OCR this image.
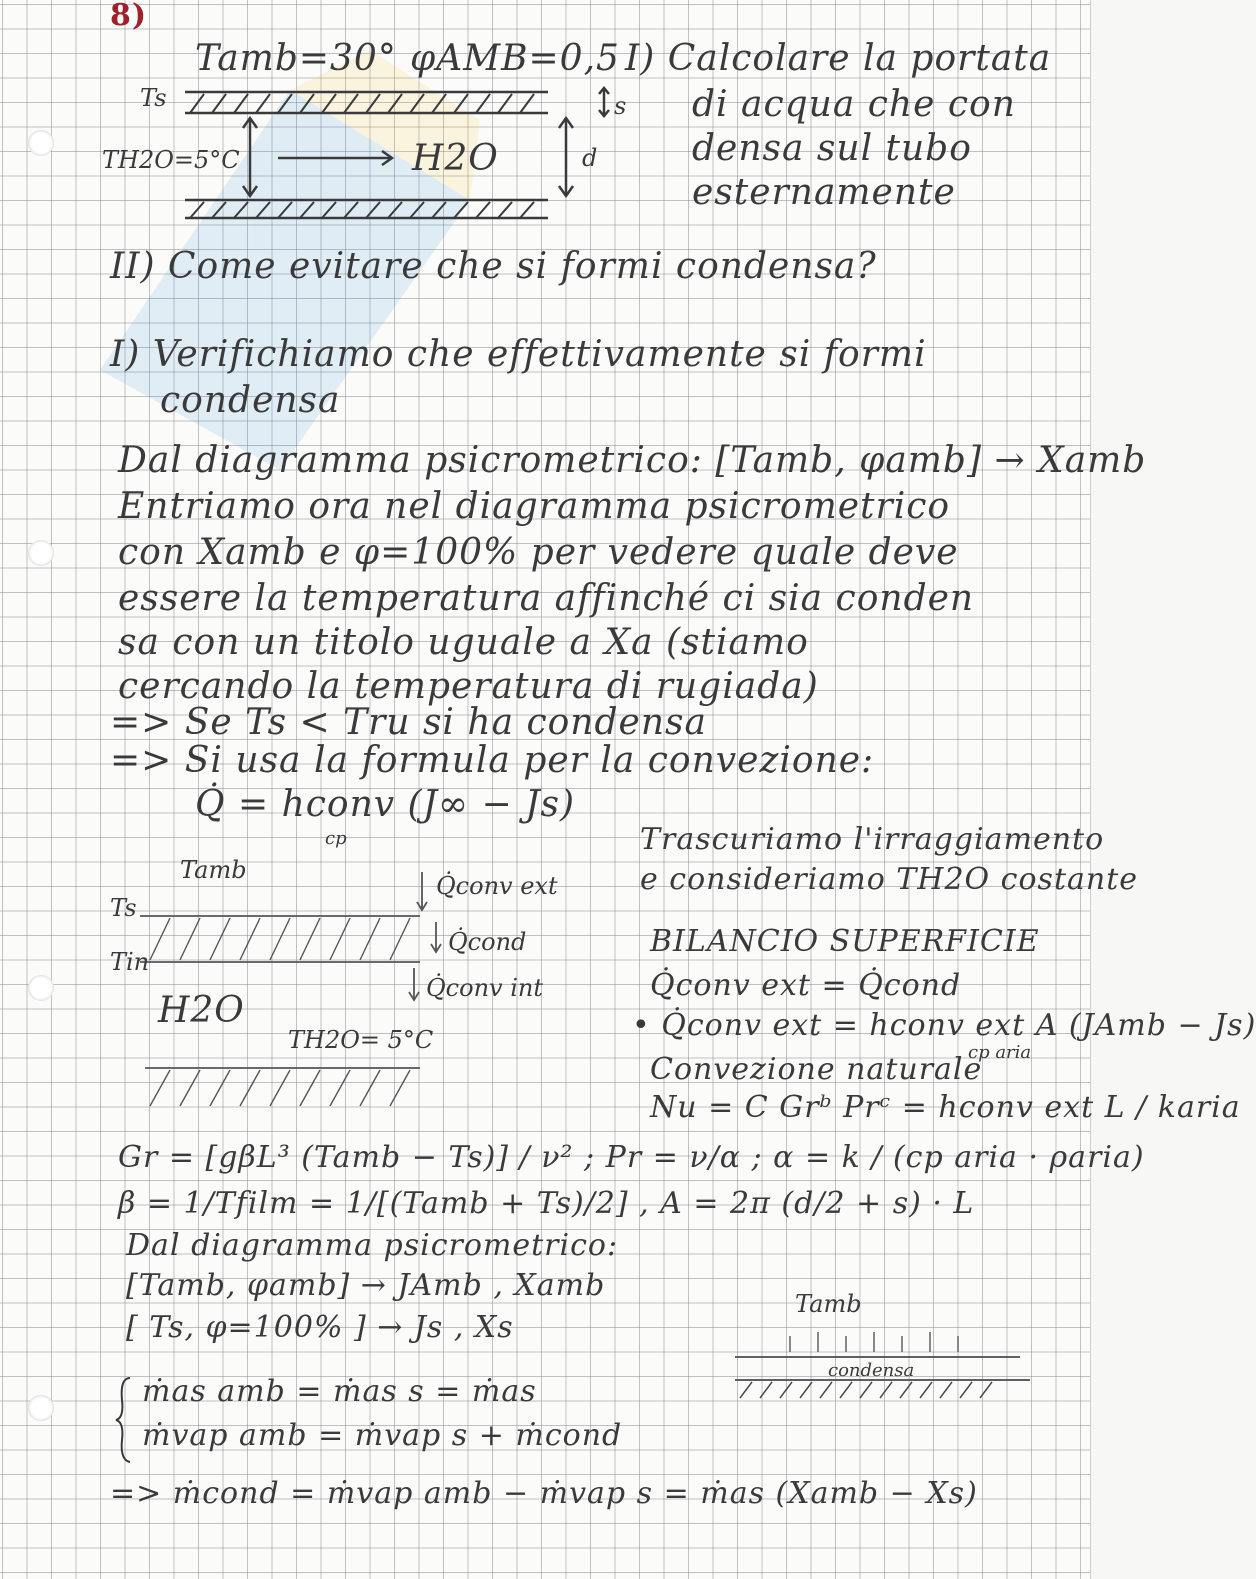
8)
Tamb=30° φAMB=0,5 I) Calcolare la portata
di acqua che con
densa sul tubo
esternamente
Ts	s
TH2O=5°C	H2O	d
II) Come evitare che si formi condensa?
I) Verifichiamo che effettivamente si formi
condensa
Dal diagramma psicrometrico: [Tamb, φamb] → Xamb
Entriamo ora nel diagramma psicrometrico
con Xamb e φ=100% per vedere quale deve
essere la temperatura affinché ci sia conden
sa con un titolo uguale a Xa (stiamo
cercando la temperatura di rugiada)
=> Se Ts < Tru si ha condensa
=> Si usa la formula per la convezione:
Q̇ = hconv (J∞ − Js)
cp	Trascuriamo l'irraggiamento
e consideriamo TH2O costante
Tamb
Ts
Tin
H2O
TH2O= 5°C
Q̇conv ext
Q̇cond
Q̇conv int
BILANCIO SUPERFICIE
Q̇conv ext = Q̇cond
• Q̇conv ext = hconv ext A (JAmb − Js)
cp aria
Convezione naturale
Nu = C Grᵇ Prᶜ = hconv ext L / karia
Gr = [gβL³ (Tamb − Ts)] / ν² ; Pr = ν/α ; α = k / (cp aria · ρaria)
β = 1/Tfilm = 1/[(Tamb + Ts)/2] , A = 2π (d/2 + s) · L
Dal diagramma psicrometrico:
[Tamb, φamb] → JAmb , Xamb
[ Ts, φ=100% ] → Js , Xs
Tamb
condensa
ṁas amb = ṁas s = ṁas
ṁvap amb = ṁvap s + ṁcond
=> ṁcond = ṁvap amb − ṁvap s = ṁas (Xamb − Xs)
